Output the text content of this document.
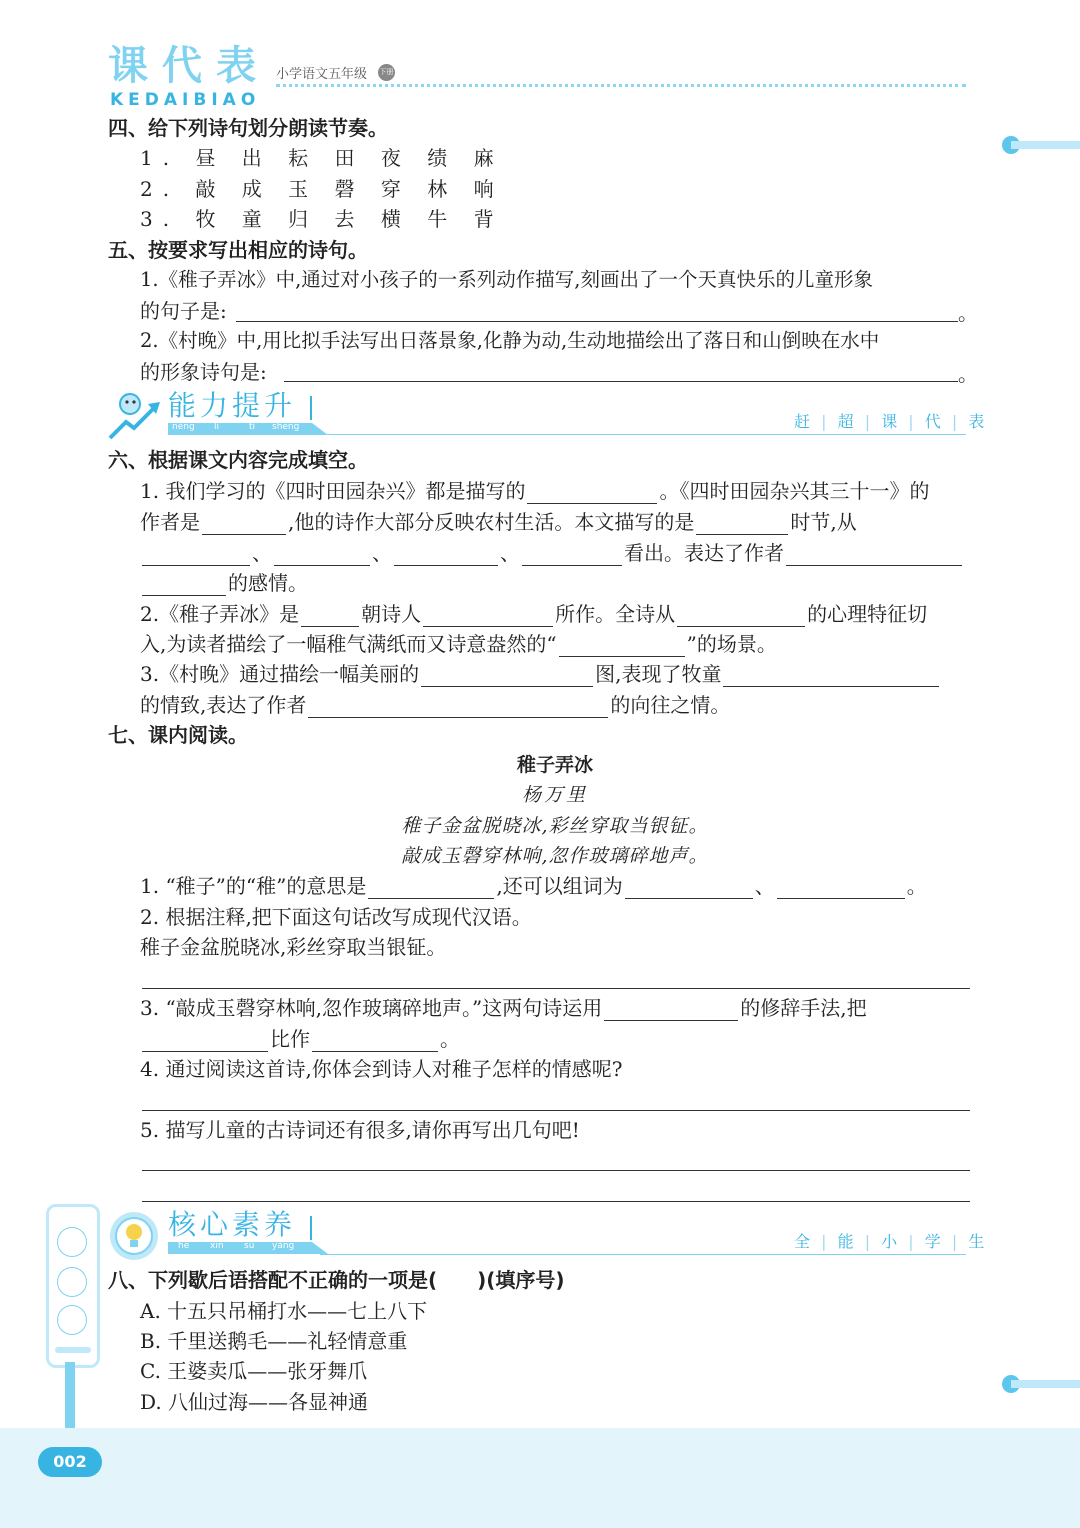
课代表
KEDAIBIAO
小学语文五年级 下册
四、给下列诗句划分朗读节奏。
1. 昼 出 耘 田 夜 绩 麻
2. 敲 成 玉 磬 穿 林 响
3. 牧 童 归 去 横 牛 背
五、按要求写出相应的诗句。
1.《稚子弄冰》中,通过对小孩子的一系列动作描写,刻画出了一个天真快乐的儿童形象
的句子是:	。
2.《村晚》中,用比拟手法写出日落景象,化静为动,生动地描绘出了落日和山倒映在水中
的形象诗句是:	。
能力提升
néng lì	tí shēng	赶 | 超 | 课 | 代 | 表
六、根据课文内容完成填空。
1. 我们学习的《四时田园杂兴》都是描写的	。《四时田园杂兴其三十一》的
作者是	,他的诗作大部分反映农村生活。本文描写的是	时节,从
、	、	、	看出。表达了作者
的感情。
2.《稚子弄冰》是	朝诗人	所作。全诗从	的心理特征切
入,为读者描绘了一幅稚气满纸而又诗意盎然的“	”的场景。
3.《村晚》通过描绘一幅美丽的	图,表现了牧童
的情致,表达了作者	的向往之情。
七、课内阅读。
稚子弄冰
杨万里
稚子金盆脱晓冰,彩丝穿取当银钲。
敲成玉磬穿林响,忽作玻璃碎地声。
1. “稚子”的“稚”的意思是	,还可以组词为	、	。
2. 根据注释,把下面这句话改写成现代汉语。
稚子金盆脱晓冰,彩丝穿取当银钲。
3. “敲成玉磬穿林响,忽作玻璃碎地声。”这两句诗运用	的修辞手法,把
比作	。
4. 通过阅读这首诗,你体会到诗人对稚子怎样的情感呢?
5. 描写儿童的古诗词还有很多,请你再写出几句吧!
核心素养
hé xīn sù yǎng	全 | 能 | 小 | 学 | 生
八、下列歇后语搭配不正确的一项是(　　)(填序号)
A. 十五只吊桶打水——七上八下
B. 千里送鹅毛——礼轻情意重
C. 王婆卖瓜——张牙舞爪
D. 八仙过海——各显神通
002
